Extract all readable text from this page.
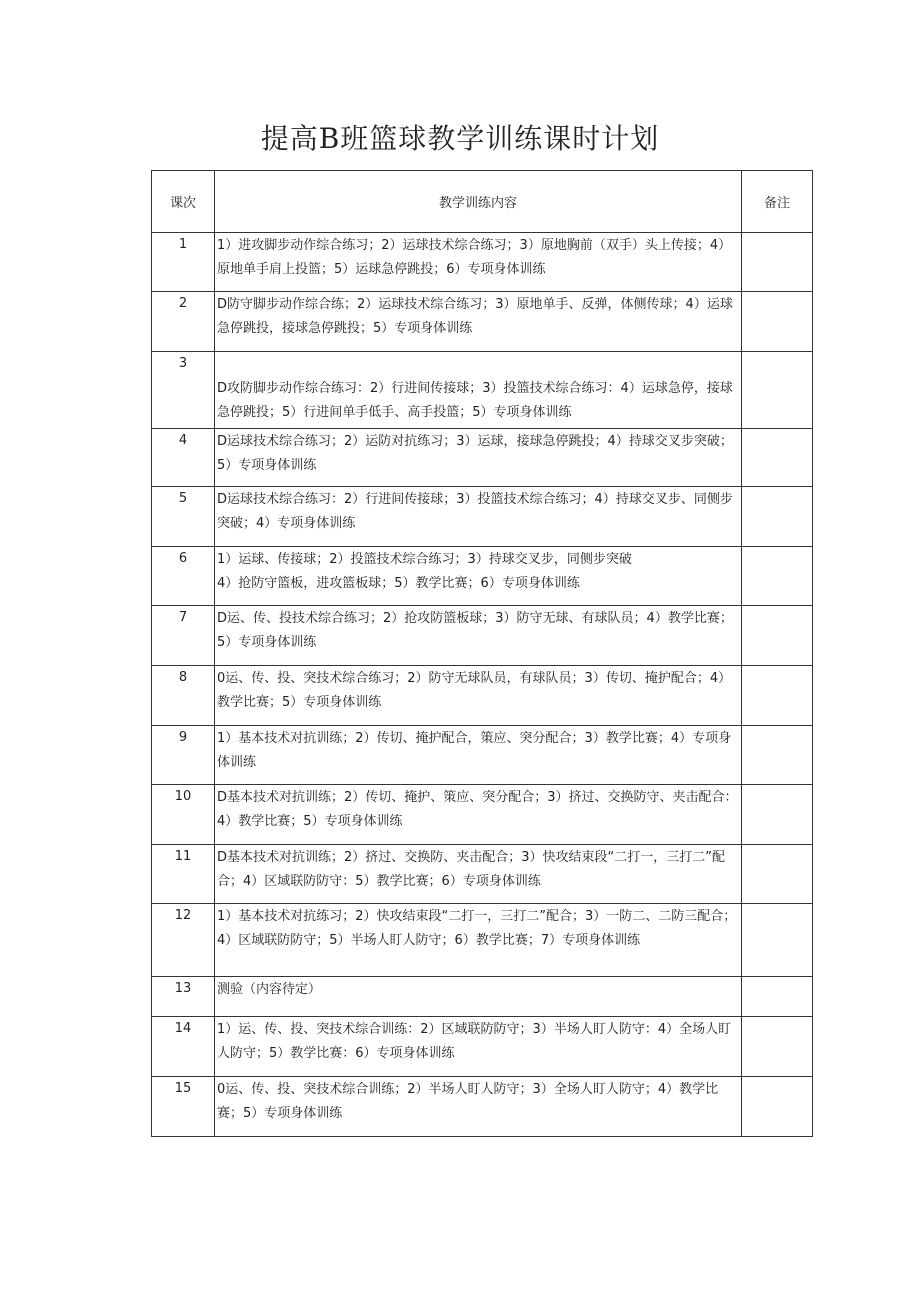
提高B班篮球教学训练课时计划
课次	教学训练内容	备注
1	1）进攻脚步动作综合练习；2）运球技术综合练习；3）原地胸前（双手）头上传接；4）原地单手肩上投篮；5）运球急停跳投；6）专项身体训练	
2	D防守脚步动作综合练；2）运球技术综合练习；3）原地单手、反弹，体侧传球；4）运球急停跳投，接球急停跳投；5）专项身体训练	
3	D攻防脚步动作综合练习：2）行进间传接球；3）投篮技术综合练习：4）运球急停，接球急停跳投；5）行进间单手低手、高手投篮；5）专项身体训练	
4	D运球技术综合练习；2）运防对抗练习；3）运球，接球急停跳投；4）持球交叉步突破；5）专项身体训练	
5	D运球技术综合练习：2）行进间传接球；3）投篮技术综合练习；4）持球交叉步、同侧步突破；4）专项身体训练	
6	1）运球、传接球；2）投篮技术综合练习；3）持球交叉步，同侧步突破
4）抢防守篮板，进攻篮板球；5）教学比赛；6）专项身体训练	
7	D运、传、投技术综合练习；2）抢攻防篮板球；3）防守无球、有球队员；4）教学比赛；5）专项身体训练	
8	0运、传、投、突技术综合练习；2）防守无球队员，有球队员；3）传切、掩护配合；4）教学比赛；5）专项身体训练	
9	1）基本技术对抗训练；2）传切、掩护配合，策应、突分配合；3）教学比赛；4）专项身体训练	
10	D基本技术对抗训练；2）传切、掩护、策应、突分配合；3）挤过、交换防守、夹击配合：4）教学比赛；5）专项身体训练	
11	D基本技术对抗训练；2）挤过、交换防、夹击配合；3）快攻结束段“二打一，三打二”配合；4）区域联防防守：5）教学比赛；6）专项身体训练	
12	1）基本技术对抗练习；2）快攻结束段“二打一，三打二”配合；3）一防二、二防三配合；4）区域联防防守；5）半场人盯人防守；6）教学比赛；7）专项身体训练	
13	测验（内容待定）	
14	1）运、传、投、突技术综合训练：2）区域联防防守；3）半场人盯人防守：4）全场人盯人防守；5）教学比赛：6）专项身体训练	
15	0运、传、投、突技术综合训练；2）半场人盯人防守；3）全场人盯人防守；4）教学比赛；5）专项身体训练	
